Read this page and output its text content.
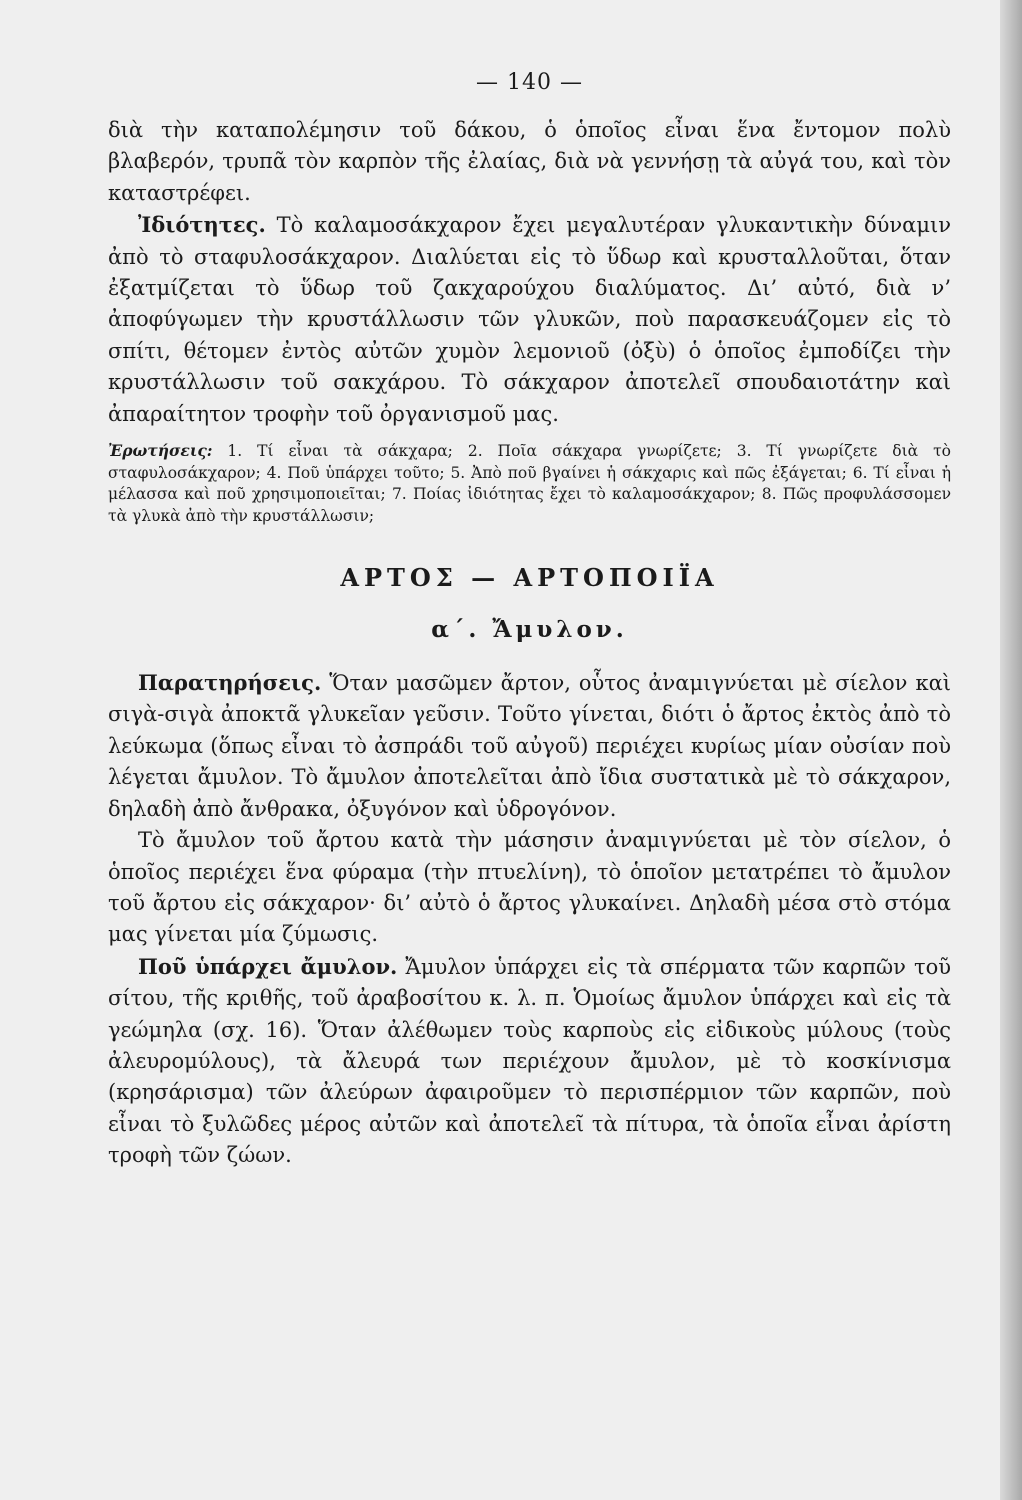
— 140 —

διὰ τὴν καταπολέμησιν τοῦ δάκου, ὁ ὁποῖος εἶναι ἕνα ἔντομον πολὺ βλαβερόν, τρυπᾶ τὸν καρπὸν τῆς ἐλαίας, διὰ νὰ γεννήσῃ τὰ αὐγά του, καὶ τὸν καταστρέφει.

Ἰδιότητες. Τὸ καλαμοσάκχαρον ἔχει μεγαλυτέραν γλυκαντικὴν δύναμιν ἀπὸ τὸ σταφυλοσάκχαρον. Διαλύεται εἰς τὸ ὕδωρ καὶ κρυσταλλοῦται, ὅταν ἐξατμίζεται τὸ ὕδωρ τοῦ ζακχαρούχου διαλύματος. Δι’ αὐτό, διὰ ν’ ἀποφύγωμεν τὴν κρυστάλλωσιν τῶν γλυκῶν, ποὺ παρασκευάζομεν εἰς τὸ σπίτι, θέτομεν ἐντὸς αὐτῶν χυμὸν λεμονιοῦ (ὀξὺ) ὁ ὁποῖος ἐμποδίζει τὴν κρυστάλλωσιν τοῦ σακχάρου. Τὸ σάκχαρον ἀποτελεῖ σπουδαιοτάτην καὶ ἀπαραίτητον τροφὴν τοῦ ὀργανισμοῦ μας.

Ἐρωτήσεις: 1. Τί εἶναι τὰ σάκχαρα; 2. Ποῖα σάκχαρα γνωρίζετε; 3. Τί γνωρίζετε διὰ τὸ σταφυλοσάκχαρον; 4. Ποῦ ὑπάρχει τοῦτο; 5. Ἀπὸ ποῦ βγαίνει ἡ σάκχαρις καὶ πῶς ἐξάγεται; 6. Τί εἶναι ἡ μέλασσα καὶ ποῦ χρησιμοποιεῖται; 7. Ποίας ἰδιότητας ἔχει τὸ καλαμοσάκχαρον; 8. Πῶς προφυλάσσομεν τὰ γλυκὰ ἀπὸ τὴν κρυστάλλωσιν;

ΑΡΤΟΣ — ΑΡΤΟΠΟΙΪΑ
α΄. Ἄμυλον.

Παρατηρήσεις. Ὅταν μασῶμεν ἄρτον, οὗτος ἀναμιγνύεται μὲ σίελον καὶ σιγὰ-σιγὰ ἀποκτᾶ γλυκεῖαν γεῦσιν. Τοῦτο γίνεται, διότι ὁ ἄρτος ἐκτὸς ἀπὸ τὸ λεύκωμα (ὅπως εἶναι τὸ ἀσπράδι τοῦ αὐγοῦ) περιέχει κυρίως μίαν οὐσίαν ποὺ λέγεται ἄμυλον. Τὸ ἄμυλον ἀποτελεῖται ἀπὸ ἴδια συστατικὰ μὲ τὸ σάκχαρον, δηλαδὴ ἀπὸ ἄνθρακα, ὀξυγόνον καὶ ὑδρογόνον.

Τὸ ἄμυλον τοῦ ἄρτου κατὰ τὴν μάσησιν ἀναμιγνύεται μὲ τὸν σίελον, ὁ ὁποῖος περιέχει ἕνα φύραμα (τὴν πτυελίνη), τὸ ὁποῖον μετατρέπει τὸ ἄμυλον τοῦ ἄρτου εἰς σάκχαρον· δι’ αὐτὸ ὁ ἄρτος γλυκαίνει. Δηλαδὴ μέσα στὸ στόμα μας γίνεται μία ζύμωσις.

Ποῦ ὑπάρχει ἄμυλον. Ἄμυλον ὑπάρχει εἰς τὰ σπέρματα τῶν καρπῶν τοῦ σίτου, τῆς κριθῆς, τοῦ ἀραβοσίτου κ. λ. π. Ὁμοίως ἄμυλον ὑπάρχει καὶ εἰς τὰ γεώμηλα (σχ. 16). Ὅταν ἀλέθωμεν τοὺς καρποὺς εἰς εἰδικοὺς μύλους (τοὺς ἀλευρομύλους), τὰ ἄλευρά των περιέχουν ἄμυλον, μὲ τὸ κοσκίνισμα (κρησάρισμα) τῶν ἀλεύρων ἀφαιροῦμεν τὸ περισπέρμιον τῶν καρπῶν, ποὺ εἶναι τὸ ξυλῶδες μέρος αὐτῶν καὶ ἀποτελεῖ τὰ πίτυρα, τὰ ὁποῖα εἶναι ἀρίστη τροφὴ τῶν ζώων.
